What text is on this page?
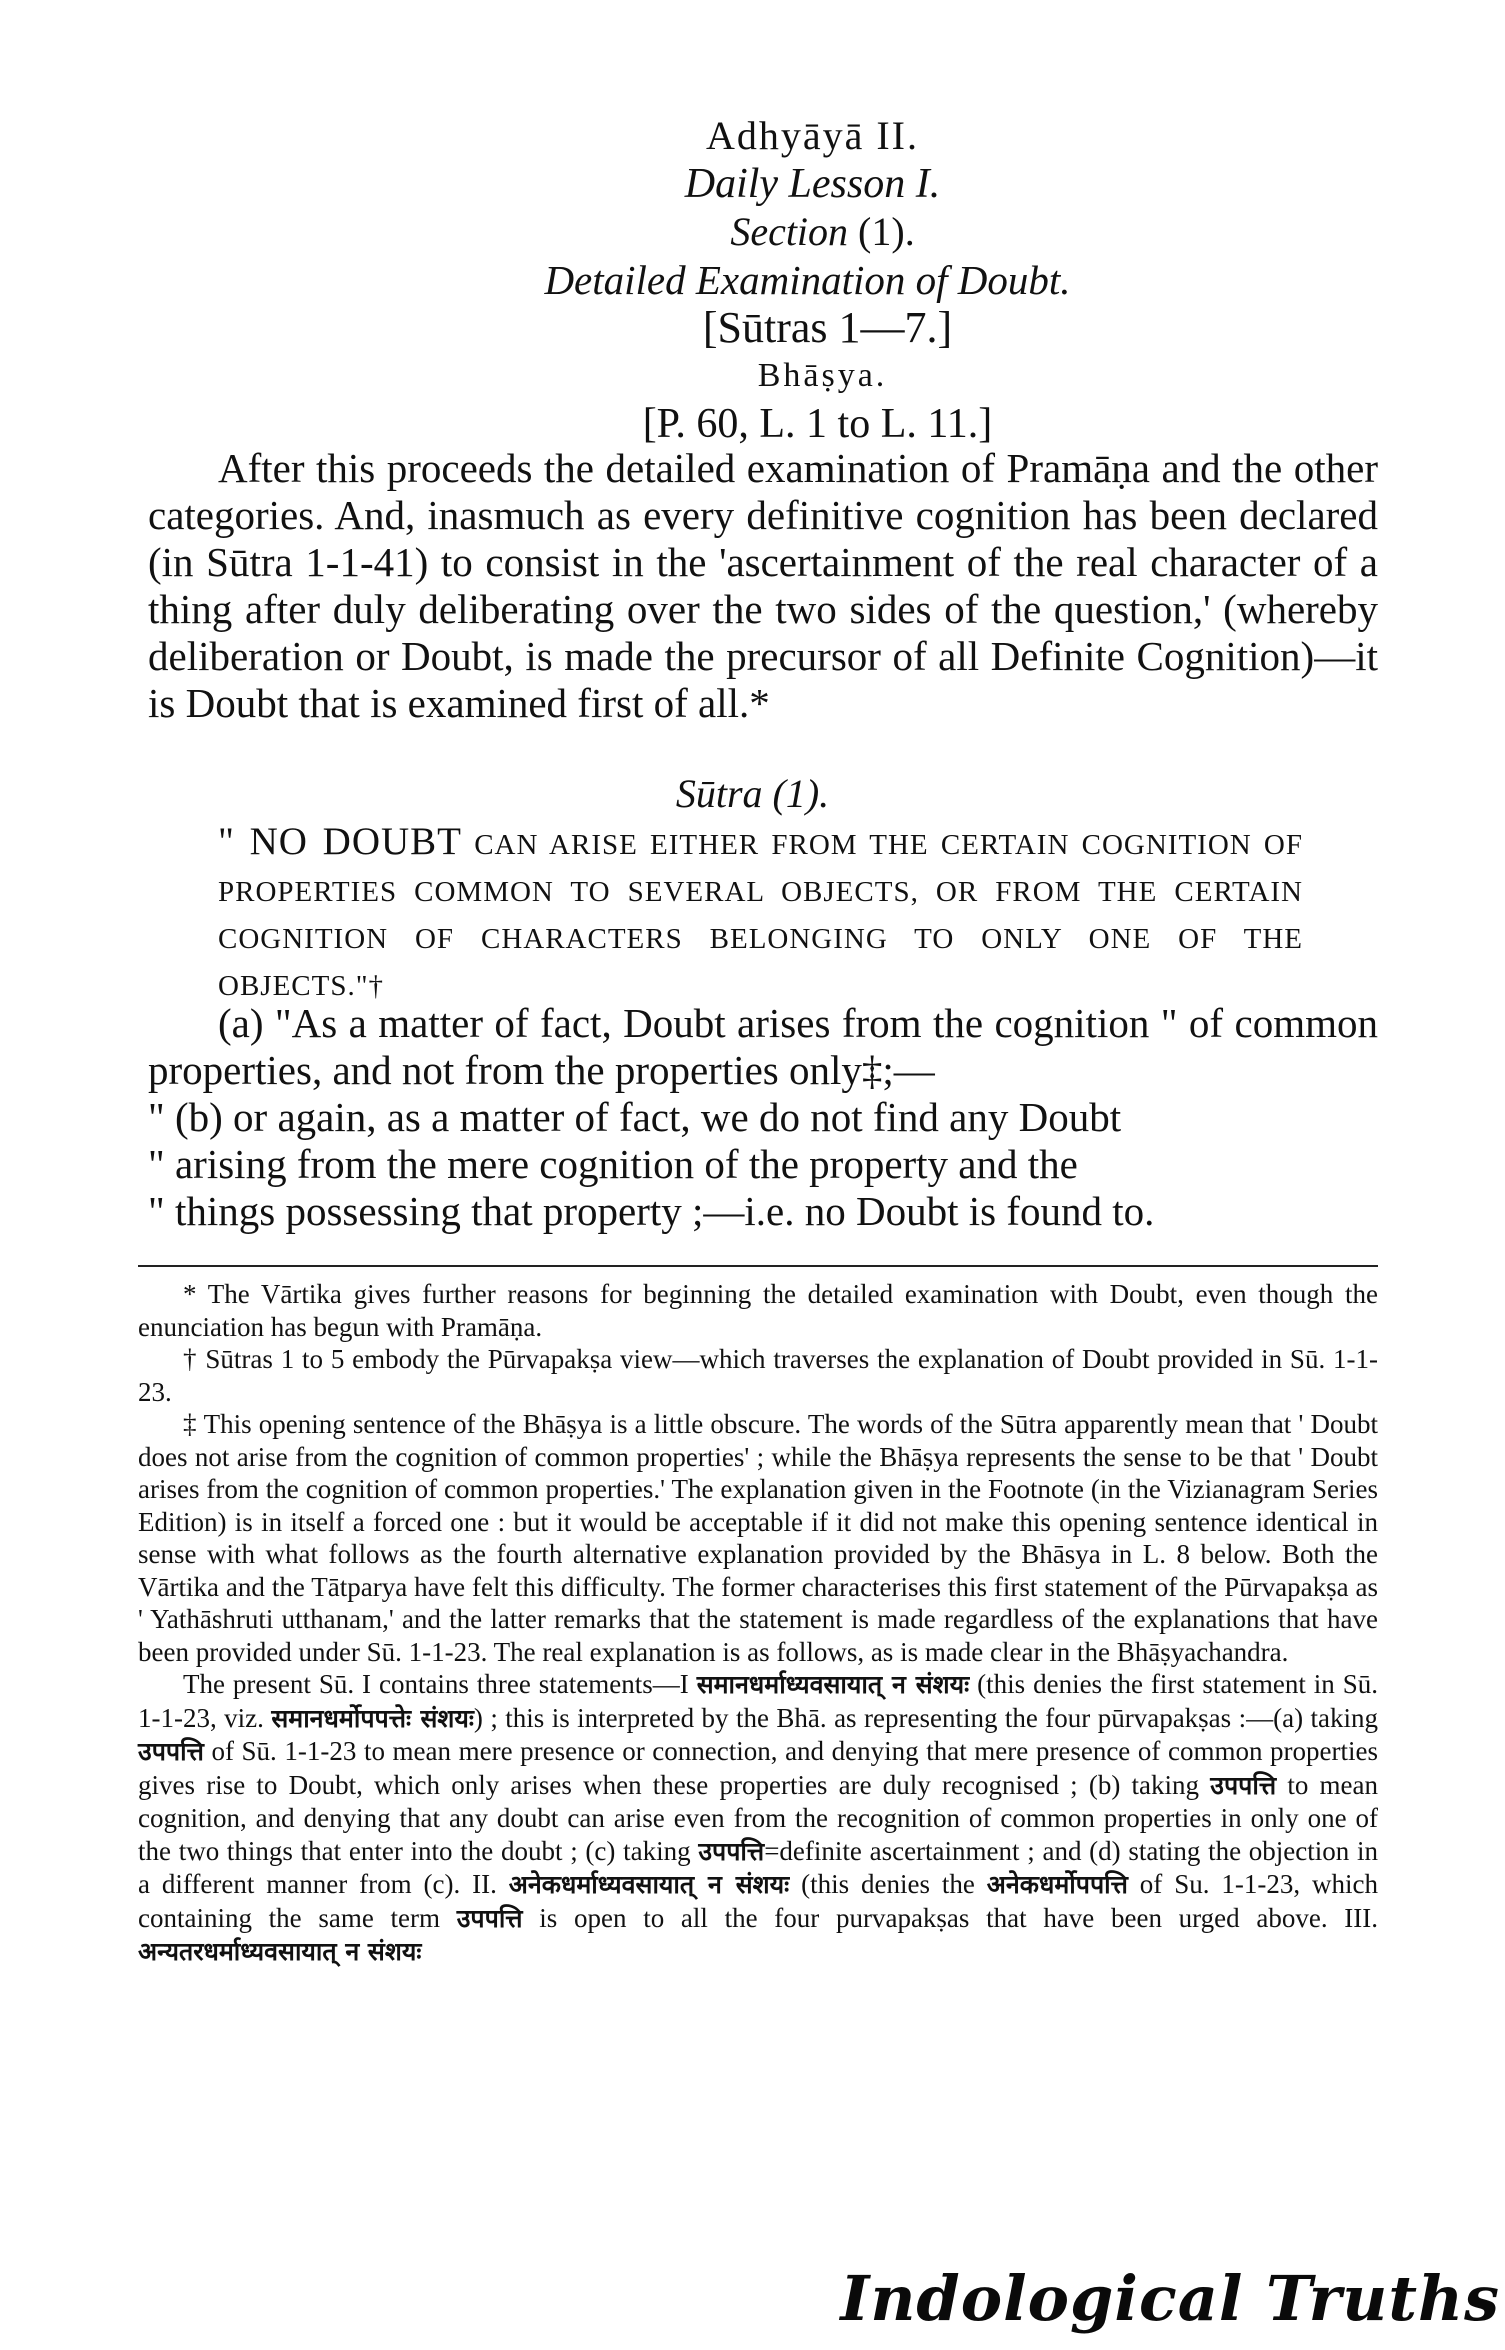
Adhyāyā II.
Daily Lesson I.
Section (1).
Detailed Examination of Doubt.
[Sūtras 1—7.]
Bhāṣya.
[P. 60, L. 1 to L. 11.]

After this proceeds the detailed examination of Pramāṇa and the other categories. And, inasmuch as every definitive cognition has been declared (in Sūtra 1-1-41) to consist in the 'ascertainment of the real character of a thing after duly deliberating over the two sides of the question,' (whereby deliberation or Doubt, is made the precursor of all Definite Cognition)—it is Doubt that is examined first of all.*

Sūtra (1).
" NO DOUBT CAN ARISE EITHER FROM THE CERTAIN COGNITION OF PROPERTIES COMMON TO SEVERAL OBJECTS, OR FROM THE CERTAIN COGNITION OF CHARACTERS BELONGING TO ONLY ONE OF THE OBJECTS."†

(a) "As a matter of fact, Doubt arises from the cognition " of common properties, and not from the properties only‡;—

" (b) or again, as a matter of fact, we do not find any Doubt

" arising from the mere cognition of the property and the

" things possessing that property ;—i.e. no Doubt is found to.

* The Vārtika gives further reasons for beginning the detailed examination with Doubt, even though the enunciation has begun with Pramāṇa.

† Sūtras 1 to 5 embody the Pūrvapakṣa view—which traverses the explanation of Doubt provided in Sū. 1-1-23.

‡ This opening sentence of the Bhāṣya is a little obscure. The words of the Sūtra apparently mean that ' Doubt does not arise from the cognition of common properties' ; while the Bhāṣya represents the sense to be that ' Doubt arises from the cognition of common properties.' The explanation given in the Footnote (in the Vizianagram Series Edition) is in itself a forced one : but it would be acceptable if it did not make this opening sentence identical in sense with what follows as the fourth alternative explanation provided by the Bhāsya in L. 8 below. Both the Vārtika and the Tātparya have felt this difficulty. The former characterises this first statement of the Pūrvapakṣa as ' Yathāshruti utthanam,' and the latter remarks that the statement is made regardless of the explanations that have been provided under Sū. 1-1-23. The real explanation is as follows, as is made clear in the Bhāṣyachandra.

The present Sū. I contains three statements—I समानधर्माध्यवसायात् न संशयः (this denies the first statement in Sū. 1-1-23, viz. समानधर्मोपपत्तेः संशयः) ; this is interpreted by the Bhā. as representing the four pūrvapakṣas :—(a) taking उपपत्ति of Sū. 1-1-23 to mean mere presence or connection, and denying that mere presence of common properties gives rise to Doubt, which only arises when these properties are duly recognised ; (b) taking उपपत्ति to mean cognition, and denying that any doubt can arise even from the recognition of common properties in only one of the two things that enter into the doubt ; (c) taking उपपत्ति=definite ascertainment ; and (d) stating the objection in a different manner from (c). II. अनेकधर्माध्यवसायात् न संशयः (this denies the अनेकधर्मोपपत्ति of Su. 1-1-23, which containing the same term उपपत्ति is open to all the four purvapakṣas that have been urged above. III. अन्यतरधर्माध्यवसायात् न संशयः

Indological Truths
